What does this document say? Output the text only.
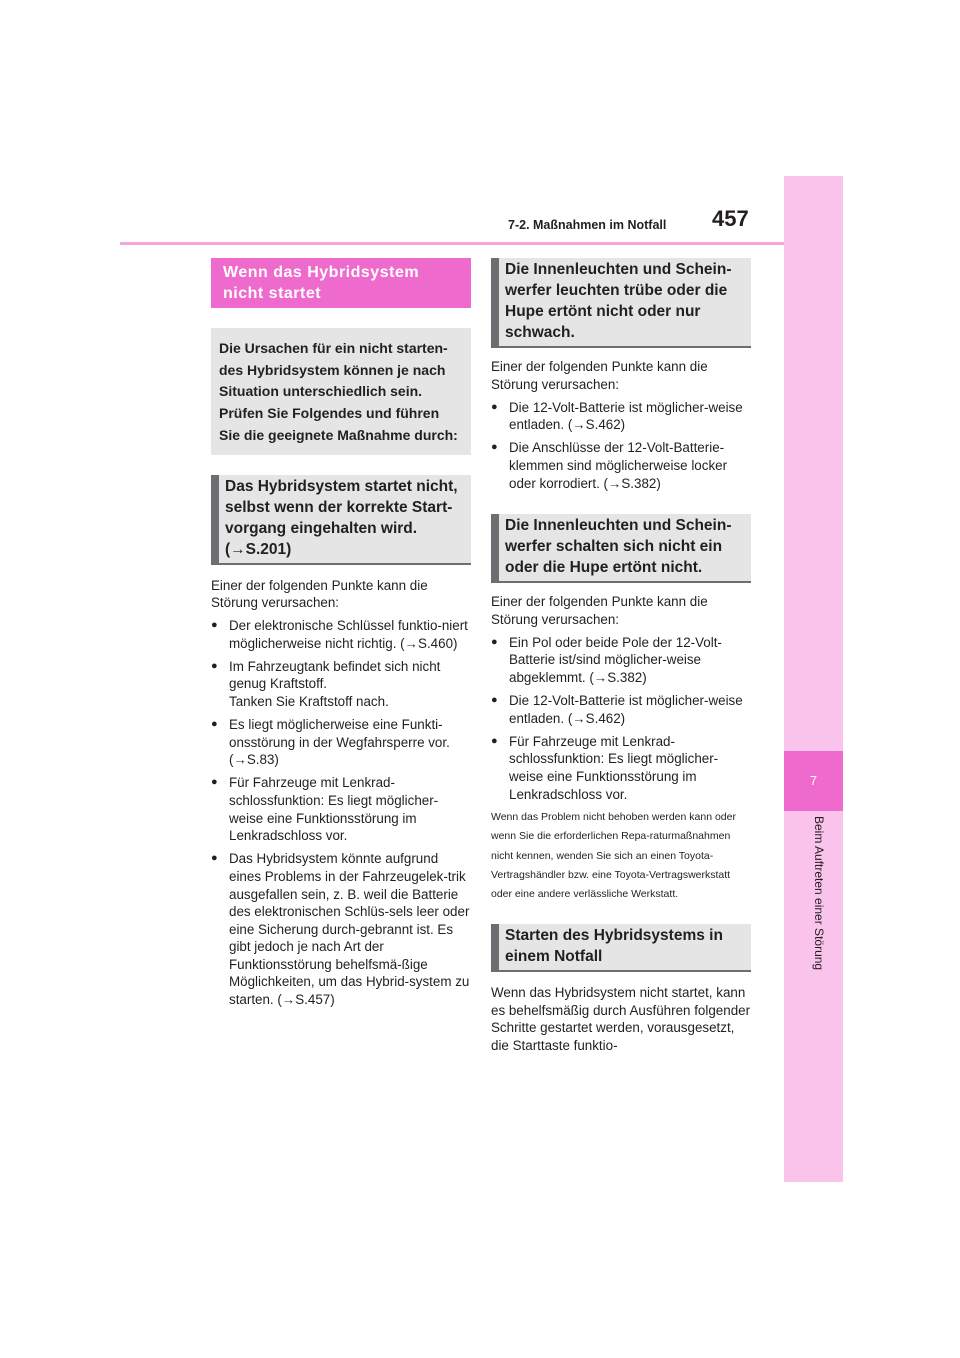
7-2. Maßnahmen im Notfall 457
7
Beim Auftreten einer Störung
Wenn das Hybridsystem nicht startet
Die Ursachen für ein nicht starten-des Hybridsystem können je nach Situation unterschiedlich sein. Prüfen Sie Folgendes und führen Sie die geeignete Maßnahme durch:
Das Hybridsystem startet nicht, selbst wenn der korrekte Start-vorgang eingehalten wird. (→S.201)

Einer der folgenden Punkte kann die Störung verursachen:

● Der elektronische Schlüssel funktio-niert möglicherweise nicht richtig. (→S.460)
● Im Fahrzeugtank befindet sich nicht genug Kraftstoff.
Tanken Sie Kraftstoff nach.
● Es liegt möglicherweise eine Funkti-onsstörung in der Wegfahrsperre vor. (→S.83)
● Für Fahrzeuge mit Lenkrad-schlossfunktion: Es liegt möglicher-weise eine Funktionsstörung im Lenkradschloss vor.
● Das Hybridsystem könnte aufgrund eines Problems in der Fahrzeugelek-trik ausgefallen sein, z. B. weil die Batterie des elektronischen Schlüs-sels leer oder eine Sicherung durch-gebrannt ist. Es gibt jedoch je nach Art der Funktionsstörung behelfsmä-ßige Möglichkeiten, um das Hybrid-system zu starten. (→S.457)
Die Innenleuchten und Schein-werfer leuchten trübe oder die Hupe ertönt nicht oder nur schwach.

Einer der folgenden Punkte kann die Störung verursachen:

● Die 12-Volt-Batterie ist möglicher-weise entladen. (→S.462)
● Die Anschlüsse der 12-Volt-Batterie-klemmen sind möglicherweise locker oder korrodiert. (→S.382)
Die Innenleuchten und Schein-werfer schalten sich nicht ein oder die Hupe ertönt nicht.

Einer der folgenden Punkte kann die Störung verursachen:

● Ein Pol oder beide Pole der 12-Volt-Batterie ist/sind möglicher-weise abgeklemmt. (→S.382)
● Die 12-Volt-Batterie ist möglicher-weise entladen. (→S.462)
● Für Fahrzeuge mit Lenkrad-schlossfunktion: Es liegt möglicher-weise eine Funktionsstörung im Lenkradschloss vor.

Wenn das Problem nicht behoben werden kann oder wenn Sie die erforderlichen Repa-raturmaßnahmen nicht kennen, wenden Sie sich an einen Toyota-Vertragshändler bzw. eine Toyota-Vertragswerkstatt oder eine andere verlässliche Werkstatt.

Starten des Hybridsystems in einem Notfall

Wenn das Hybridsystem nicht startet, kann es behelfsmäßig durch Ausführen folgender Schritte gestartet werden, vorausgesetzt, die Starttaste funktio-
